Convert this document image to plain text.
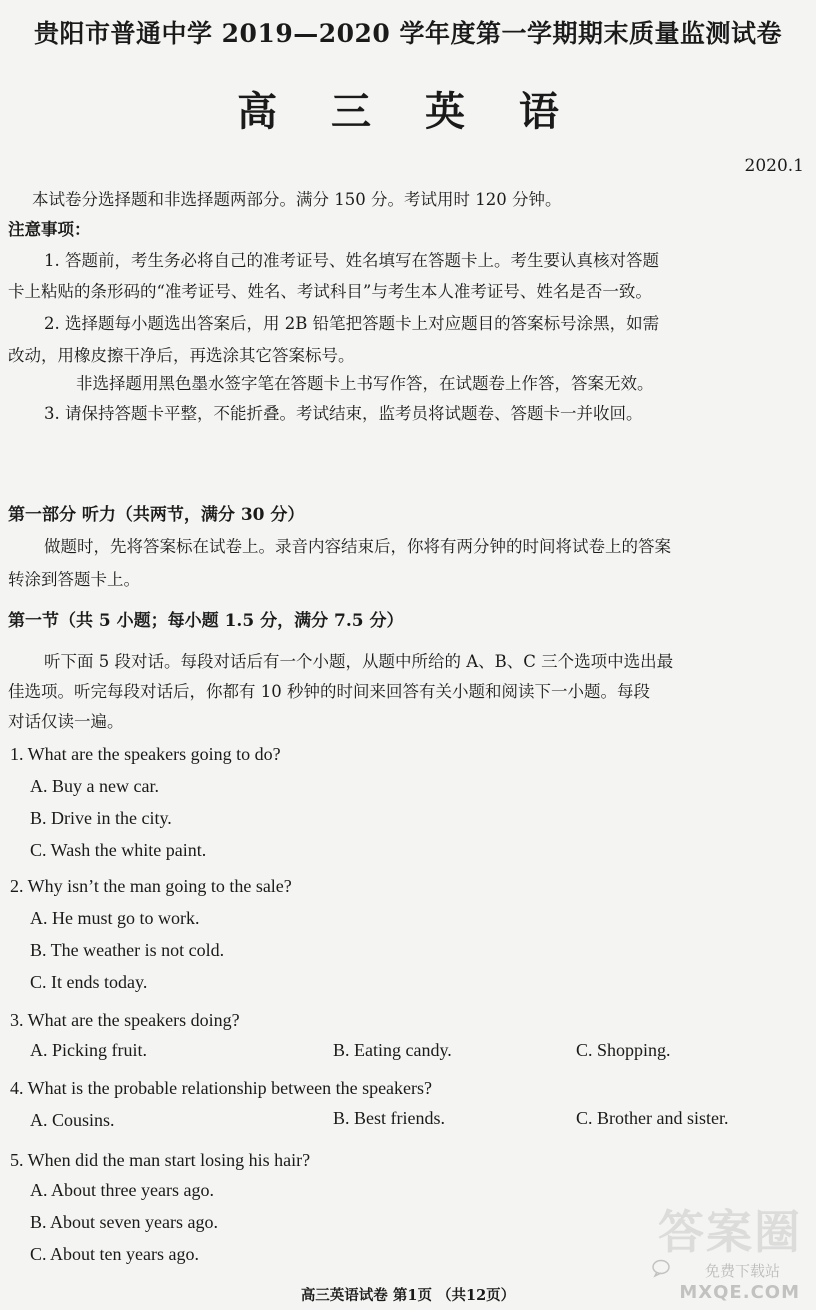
贵阳市普通中学 2019—2020 学年度第一学期期末质量监测试卷
高 三 英 语
2020.1
本试卷分选择题和非选择题两部分。满分 150 分。考试用时 120 分钟。
注意事项：
1. 答题前，考生务必将自己的准考证号、姓名填写在答题卡上。考生要认真核对答题
卡上粘贴的条形码的“准考证号、姓名、考试科目”与考生本人准考证号、姓名是否一致。
2. 选择题每小题选出答案后，用 2B 铅笔把答题卡上对应题目的答案标号涂黑，如需
改动，用橡皮擦干净后，再选涂其它答案标号。
非选择题用黑色墨水签字笔在答题卡上书写作答，在试题卷上作答，答案无效。
3. 请保持答题卡平整，不能折叠。考试结束，监考员将试题卷、答题卡一并收回。
第一部分 听力（共两节，满分 30 分）
做题时，先将答案标在试卷上。录音内容结束后，你将有两分钟的时间将试卷上的答案
转涂到答题卡上。
第一节（共 5 小题；每小题 1.5 分，满分 7.5 分）
听下面 5 段对话。每段对话后有一个小题，从题中所给的 A、B、C 三个选项中选出最
佳选项。听完每段对话后，你都有 10 秒钟的时间来回答有关小题和阅读下一小题。每段
对话仅读一遍。
1. What are the speakers going to do?
A. Buy a new car.
B. Drive in the city.
C. Wash the white paint.
2. Why isn’t the man going to the sale?
A. He must go to work.
B. The weather is not cold.
C. It ends today.
3. What are the speakers doing?
A. Picking fruit.	B. Eating candy.	C. Shopping.
4. What is the probable relationship between the speakers?
A. Cousins.	B. Best friends.	C. Brother and sister.
5. When did the man start losing his hair?
A. About three years ago.
B. About seven years ago.
C. About ten years ago.
高三英语试卷 第1页 （共12页）
答案圈
免费下载站
MXQE.COM
